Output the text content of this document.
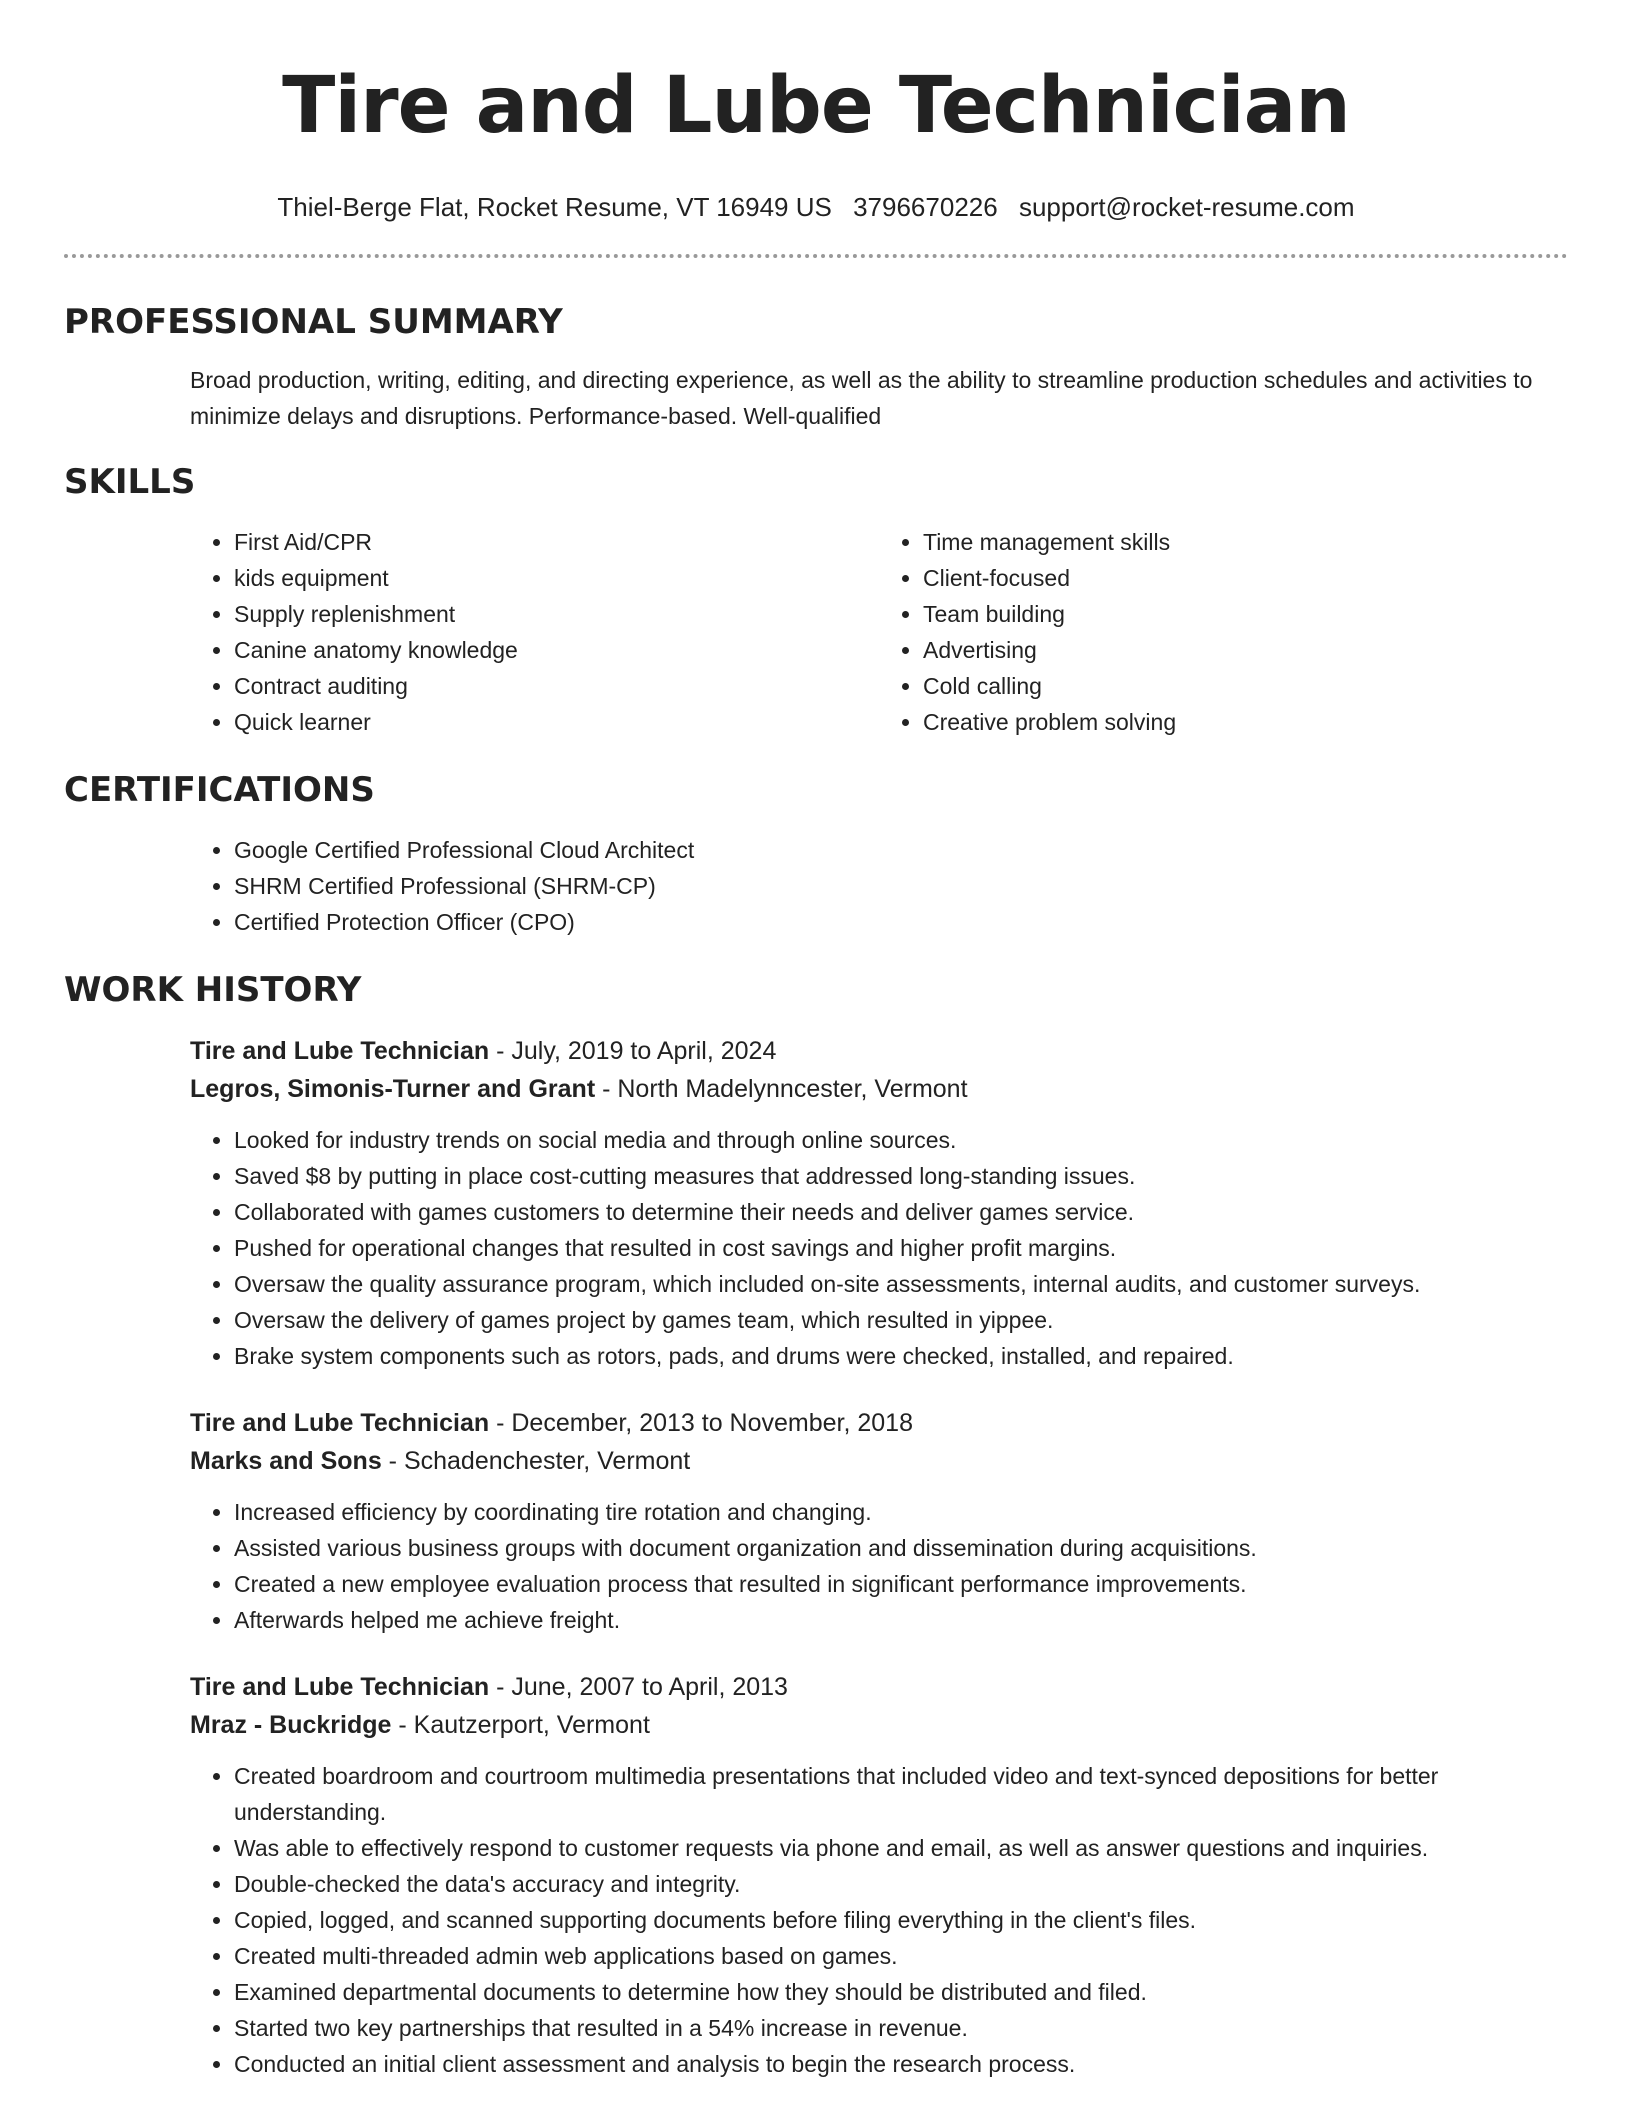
Tire and Lube Technician
Thiel-Berge Flat, Rocket Resume, VT 16949 US 3796670226 support@rocket-resume.com
PROFESSIONAL SUMMARY

Broad production, writing, editing, and directing experience, as well as the ability to streamline production schedules and activities to minimize delays and disruptions. Performance-based. Well-qualified

SKILLS
• First Aid/CPR
• kids equipment
• Supply replenishment
• Canine anatomy knowledge
• Contract auditing
• Quick learner
• Time management skills
• Client-focused
• Team building
• Advertising
• Cold calling
• Creative problem solving
CERTIFICATIONS
• Google Certified Professional Cloud Architect
• SHRM Certified Professional (SHRM-CP)
• Certified Protection Officer (CPO)
WORK HISTORY
Tire and Lube Technician - July, 2019 to April, 2024
Legros, Simonis-Turner and Grant - North Madelynncester, Vermont
• Looked for industry trends on social media and through online sources.
• Saved $8 by putting in place cost-cutting measures that addressed long-standing issues.
• Collaborated with games customers to determine their needs and deliver games service.
• Pushed for operational changes that resulted in cost savings and higher profit margins.
• Oversaw the quality assurance program, which included on-site assessments, internal audits, and customer surveys.
• Oversaw the delivery of games project by games team, which resulted in yippee.
• Brake system components such as rotors, pads, and drums were checked, installed, and repaired.
Tire and Lube Technician - December, 2013 to November, 2018
Marks and Sons - Schadenchester, Vermont
• Increased efficiency by coordinating tire rotation and changing.
• Assisted various business groups with document organization and dissemination during acquisitions.
• Created a new employee evaluation process that resulted in significant performance improvements.
• Afterwards helped me achieve freight.
Tire and Lube Technician - June, 2007 to April, 2013
Mraz - Buckridge - Kautzerport, Vermont
• Created boardroom and courtroom multimedia presentations that included video and text-synced depositions for better understanding.
• Was able to effectively respond to customer requests via phone and email, as well as answer questions and inquiries.
• Double-checked the data's accuracy and integrity.
• Copied, logged, and scanned supporting documents before filing everything in the client's files.
• Created multi-threaded admin web applications based on games.
• Examined departmental documents to determine how they should be distributed and filed.
• Started two key partnerships that resulted in a 54% increase in revenue.
• Conducted an initial client assessment and analysis to begin the research process.
